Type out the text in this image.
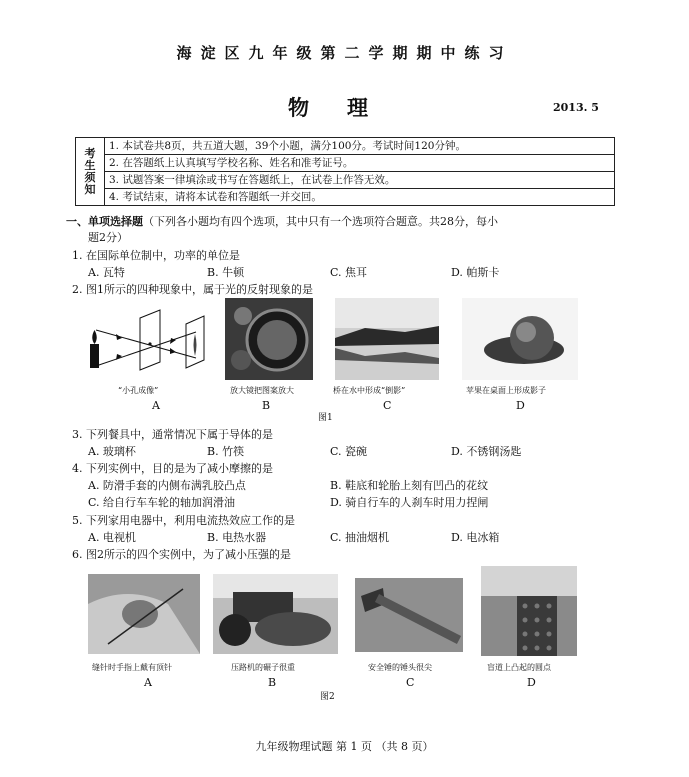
海淀区九年级第二学期期中练习
物理	2013. 5
考
生
须
知	1. 本试卷共8页，共五道大题，39个小题，满分100分。考试时间120分钟。
2. 在答题纸上认真填写学校名称、姓名和准考证号。
3. 试题答案一律填涂或书写在答题纸上，在试卷上作答无效。
4. 考试结束，请将本试卷和答题纸一并交回。
一、单项选择题（下列各小题均有四个选项，其中只有一个选项符合题意。共28分，每小
题2分）
1. 在国际单位制中，功率的单位是
A. 瓦特	B. 牛顿	C. 焦耳	D. 帕斯卡
2. 图1所示的四种现象中，属于光的反射现象的是
“小孔成像”	放大镜把图案放大	桥在水中形成“倒影”	苹果在桌面上形成影子
A	B	C	D
图1
3. 下列餐具中，通常情况下属于导体的是
A. 玻璃杯	B. 竹筷	C. 瓷碗	D. 不锈钢汤匙
4. 下列实例中，目的是为了减小摩擦的是
A. 防滑手套的内侧布满乳胶凸点	B. 鞋底和轮胎上刻有凹凸的花纹
C. 给自行车车轮的轴加润滑油	D. 骑自行车的人刹车时用力捏闸
5. 下列家用电器中，利用电流热效应工作的是
A. 电视机	B. 电热水器	C. 抽油烟机	D. 电冰箱
6. 图2所示的四个实例中，为了减小压强的是
缝针时手指上戴有顶针	压路机的碾子很重	安全锤的锤头很尖	盲道上凸起的圆点
A	B	C	D
图2
九年级物理试题 第 1 页 （共 8 页）
